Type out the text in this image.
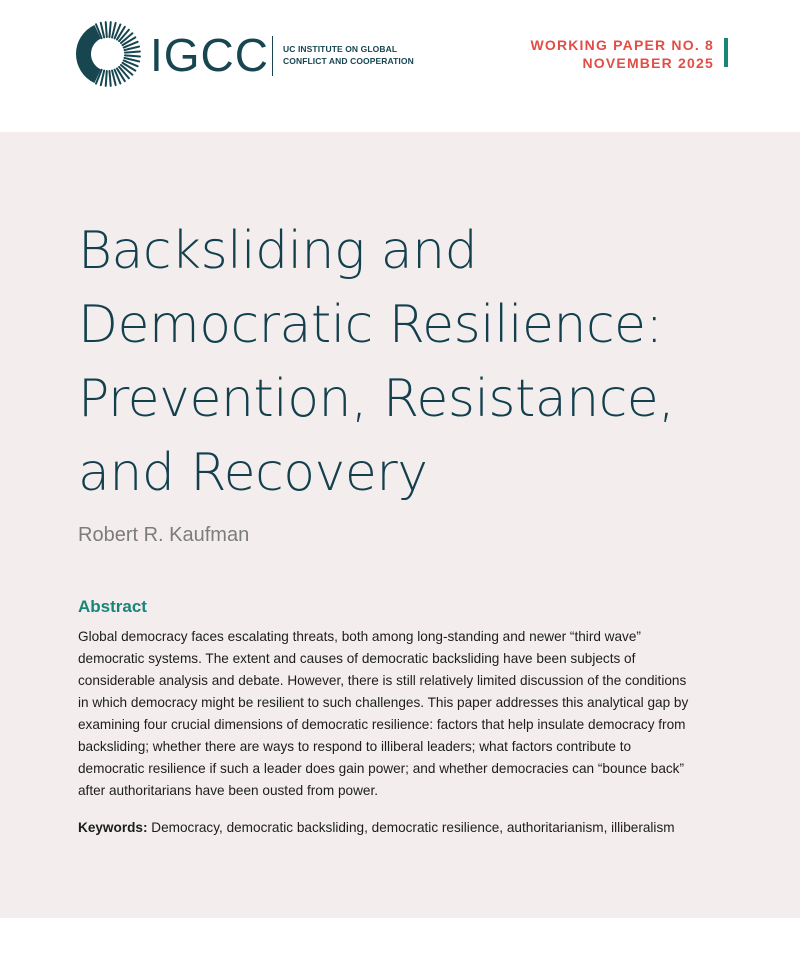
IGCC UC INSTITUTE ON GLOBAL
CONFLICT AND COOPERATION
WORKING PAPER NO. 8
NOVEMBER 2025
Backsliding and
Democratic Resilience:
Prevention, Resistance,
and Recovery
Robert R. Kaufman
Abstract

Global democracy faces escalating threats, both among long-standing and newer “third wave”
democratic systems. The extent and causes of democratic backsliding have been subjects of
considerable analysis and debate. However, there is still relatively limited discussion of the conditions
in which democracy might be resilient to such challenges. This paper addresses this analytical gap by
examining four crucial dimensions of democratic resilience: factors that help insulate democracy from
backsliding; whether there are ways to respond to illiberal leaders; what factors contribute to
democratic resilience if such a leader does gain power; and whether democracies can “bounce back”
after authoritarians have been ousted from power.

Keywords: Democracy, democratic backsliding, democratic resilience, authoritarianism, illiberalism
